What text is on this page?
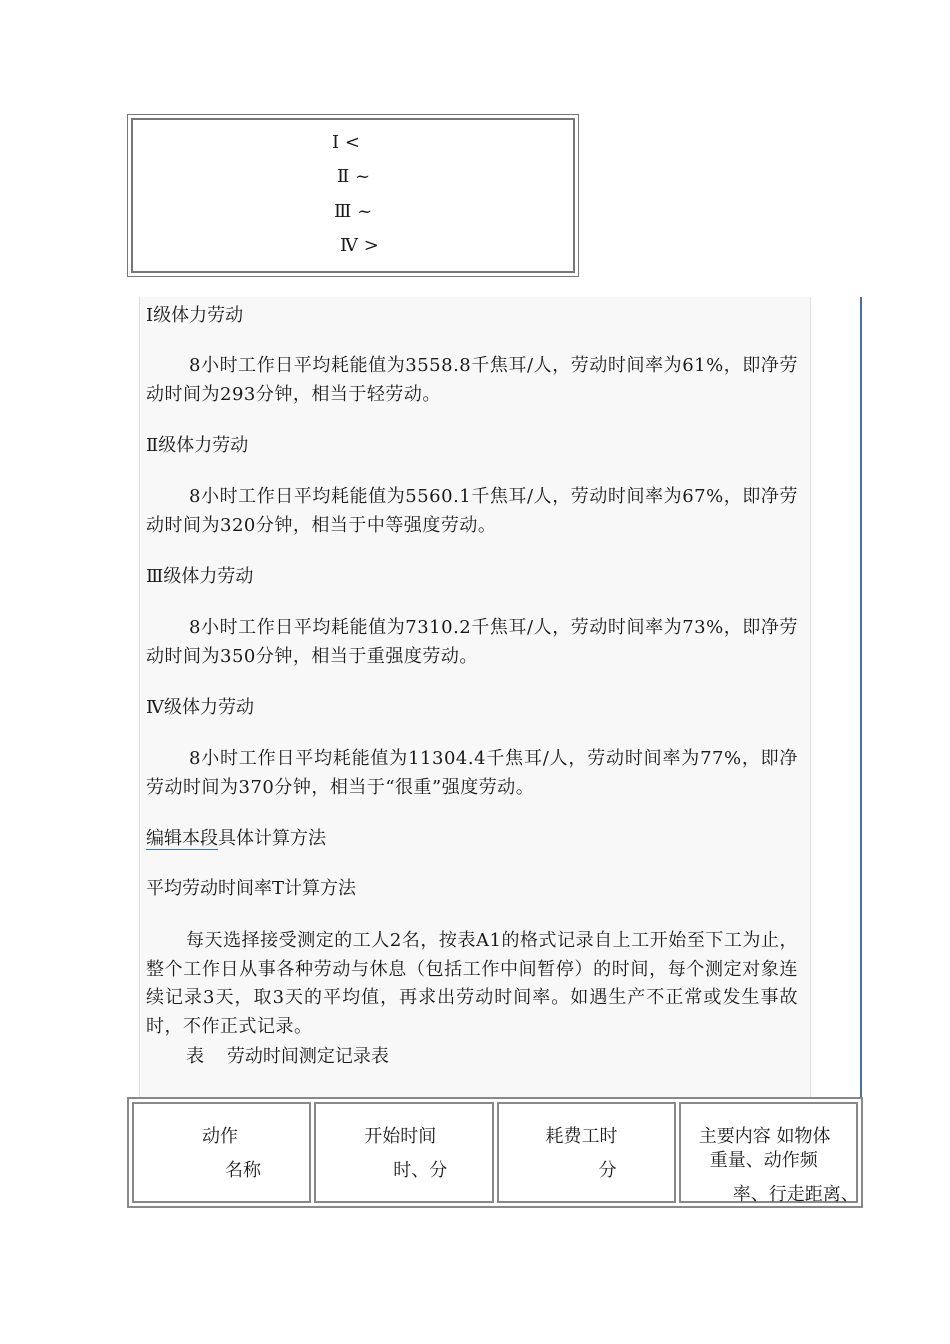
Ⅰ <
Ⅱ ~
Ⅲ ~
Ⅳ >
Ⅰ级体力劳动
8小时工作日平均耗能值为3558.8千焦耳/人，劳动时间率为61%，即净劳动时间为293分钟，相当于轻劳动。
Ⅱ级体力劳动
8小时工作日平均耗能值为5560.1千焦耳/人，劳动时间率为67%，即净劳动时间为320分钟，相当于中等强度劳动。
Ⅲ级体力劳动
8小时工作日平均耗能值为7310.2千焦耳/人，劳动时间率为73%，即净劳动时间为350分钟，相当于重强度劳动。
Ⅳ级体力劳动
8小时工作日平均耗能值为11304.4千焦耳/人，劳动时间率为77%，即净劳动时间为370分钟，相当于“很重”强度劳动。
编辑本段具体计算方法
平均劳动时间率T计算方法
每天选择接受测定的工人2名，按表A1的格式记录自上工开始至下工为止，整个工作日从事各种劳动与休息（包括工作中间暂停）的时间，每个测定对象连续记录3天，取3天的平均值，再求出劳动时间率。如遇生产不正常或发生事故时，不作正式记录。
表    劳动时间测定记录表
动作
名称
开始时间
时、分
耗费工时
分
主要内容 如物体
重量、动作频
率、行走距离、
